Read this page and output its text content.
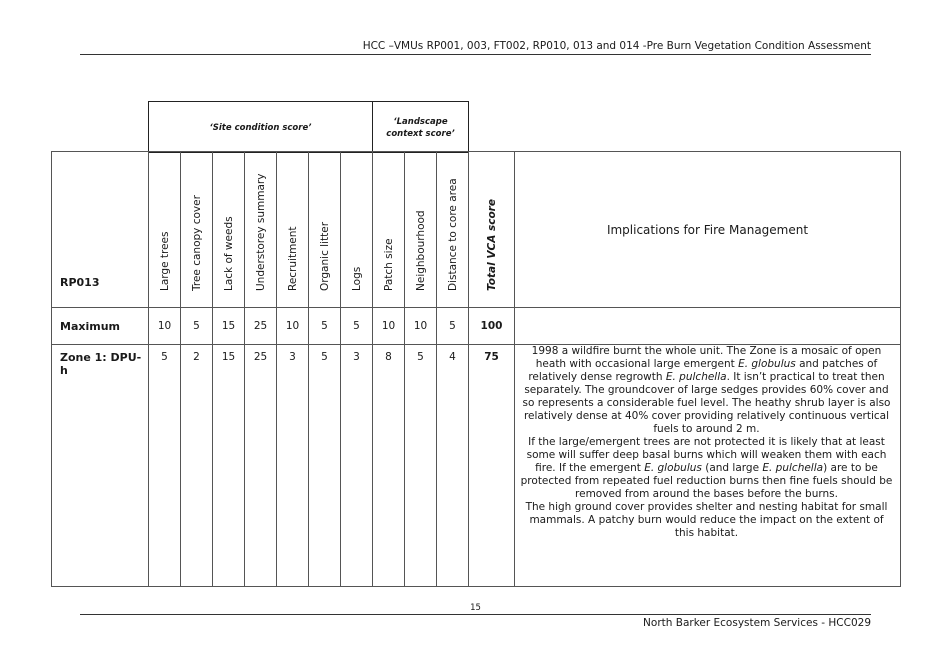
HCC –VMUs RP001, 003, FT002, RP010, 013 and 014 -Pre Burn Vegetation Condition Assessment
‘Site condition score’
‘Landscape
context score’
RP013	Large trees	Tree canopy cover	Lack of weeds	Understorey summary	Recruitment	Organic litter	Logs	Patch size	Neighbourhood	Distance to core area	Total VCA score	Implications for Fire Management
Maximum	10	5	15	25	10	5	5	10	10	5	100	
Zone 1: DPU-h	5	2	15	25	3	5	3	8	5	4	75	1998 a wildfire burnt the whole unit. The Zone is a mosaic of open heath with occasional large emergent E. globulus and patches of relatively dense regrowth E. pulchella. It isn’t practical to treat then separately. The groundcover of large sedges provides 60% cover and so represents a considerable fuel level. The heathy shrub layer is also relatively dense at 40% cover providing relatively continuous vertical fuels to around 2 m.

If the large/emergent trees are not protected it is likely that at least some will suffer deep basal burns which will weaken them with each fire. If the emergent E. globulus (and large E. pulchella) are to be protected from repeated fuel reduction burns then fine fuels should be removed from around the bases before the burns.

The high ground cover provides shelter and nesting habitat for small mammals. A patchy burn would reduce the impact on the extent of this habitat.

15
North Barker Ecosystem Services - HCC029
